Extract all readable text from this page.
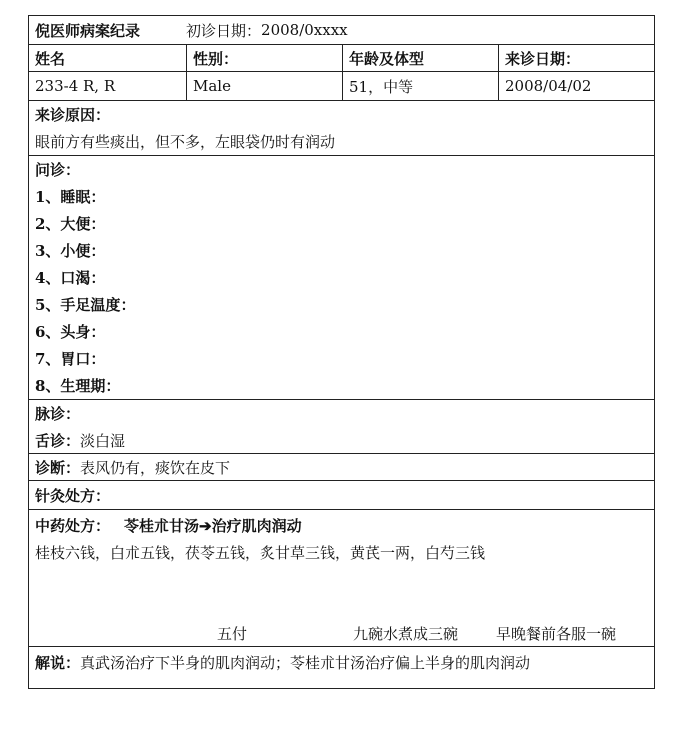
倪医师病案纪录	初诊日期： 2008/0xxxx
姓名	性别：	年龄及体型	来诊日期：
233-4 R, R	Male	51，中等	2008/04/02
来诊原因：
眼前方有些痰出，但不多，左眼袋仍时有润动
问诊：
1、睡眠：
2、大便：
3、小便：
4、口渴：
5、手足温度：
6、头身：
7、胃口：
8、生理期：
脉诊：
舌诊：淡白湿
诊断：表风仍有，痰饮在皮下
针灸处方：
中药处方： 苓桂朮甘汤➔治疗肌肉润动
桂枝六钱，白朮五钱，茯苓五钱，炙甘草三钱，黄芪一两，白芍三钱
五付	九碗水煮成三碗	早晚餐前各服一碗
解说：真武汤治疗下半身的肌肉润动；苓桂朮甘汤治疗偏上半身的肌肉润动
